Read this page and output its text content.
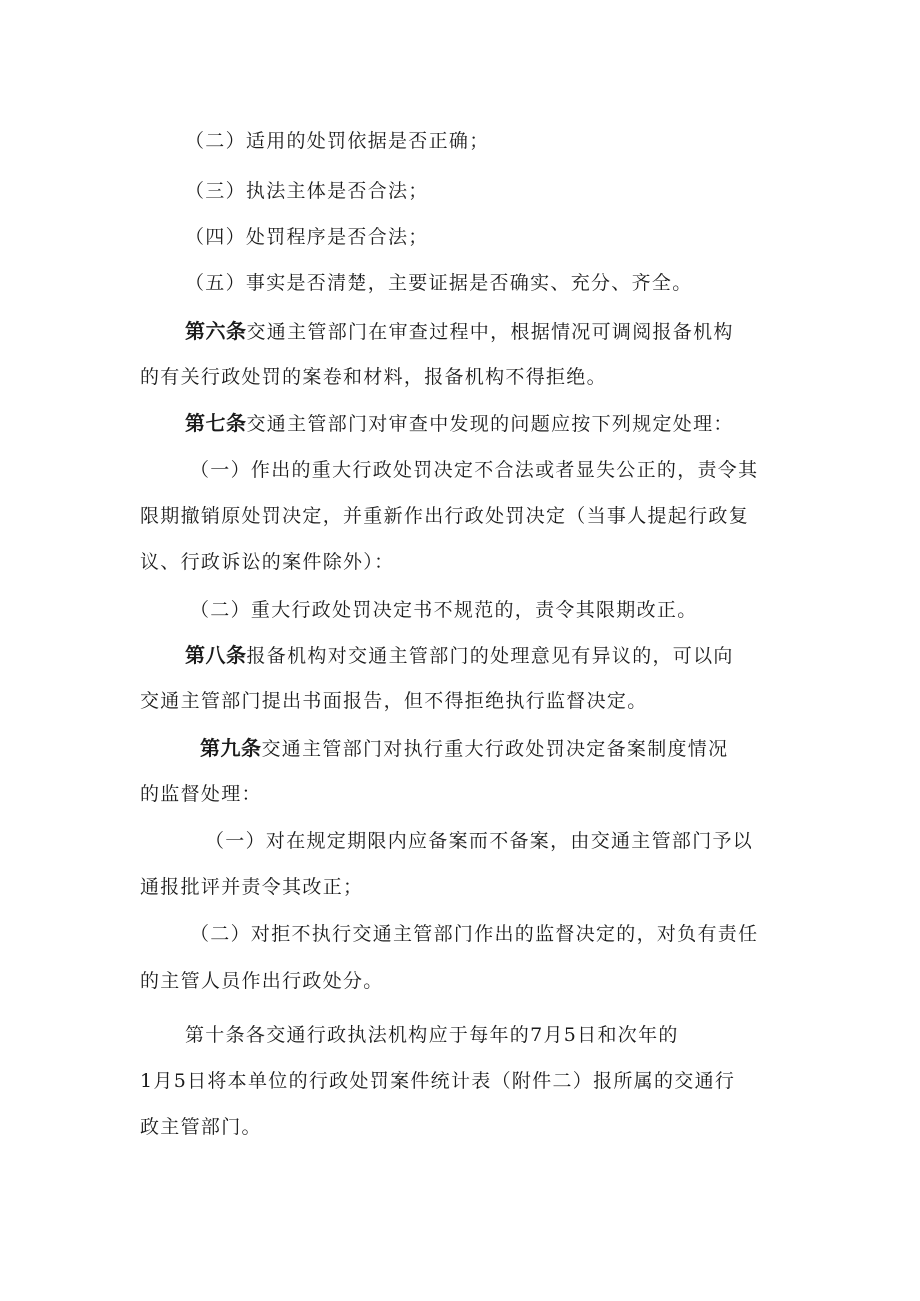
（二）适用的处罚依据是否正确；
（三）执法主体是否合法；
（四）处罚程序是否合法；
（五）事实是否清楚，主要证据是否确实、充分、齐全。
第六条交通主管部门在审查过程中，根据情况可调阅报备机构
的有关行政处罚的案卷和材料，报备机构不得拒绝。
第七条交通主管部门对审查中发现的问题应按下列规定处理：
（一）作出的重大行政处罚决定不合法或者显失公正的，责令其
限期撤销原处罚决定，并重新作出行政处罚决定（当事人提起行政复
议、行政诉讼的案件除外）：
（二）重大行政处罚决定书不规范的，责令其限期改正。
第八条报备机构对交通主管部门的处理意见有异议的，可以向
交通主管部门提出书面报告，但不得拒绝执行监督决定。
第九条交通主管部门对执行重大行政处罚决定备案制度情况
的监督处理：
（一）对在规定期限内应备案而不备案，由交通主管部门予以
通报批评并责令其改正；
（二）对拒不执行交通主管部门作出的监督决定的，对负有责任
的主管人员作出行政处分。
第十条各交通行政执法机构应于每年的7月5日和次年的
1月5日将本单位的行政处罚案件统计表（附件二）报所属的交通行
政主管部门。
